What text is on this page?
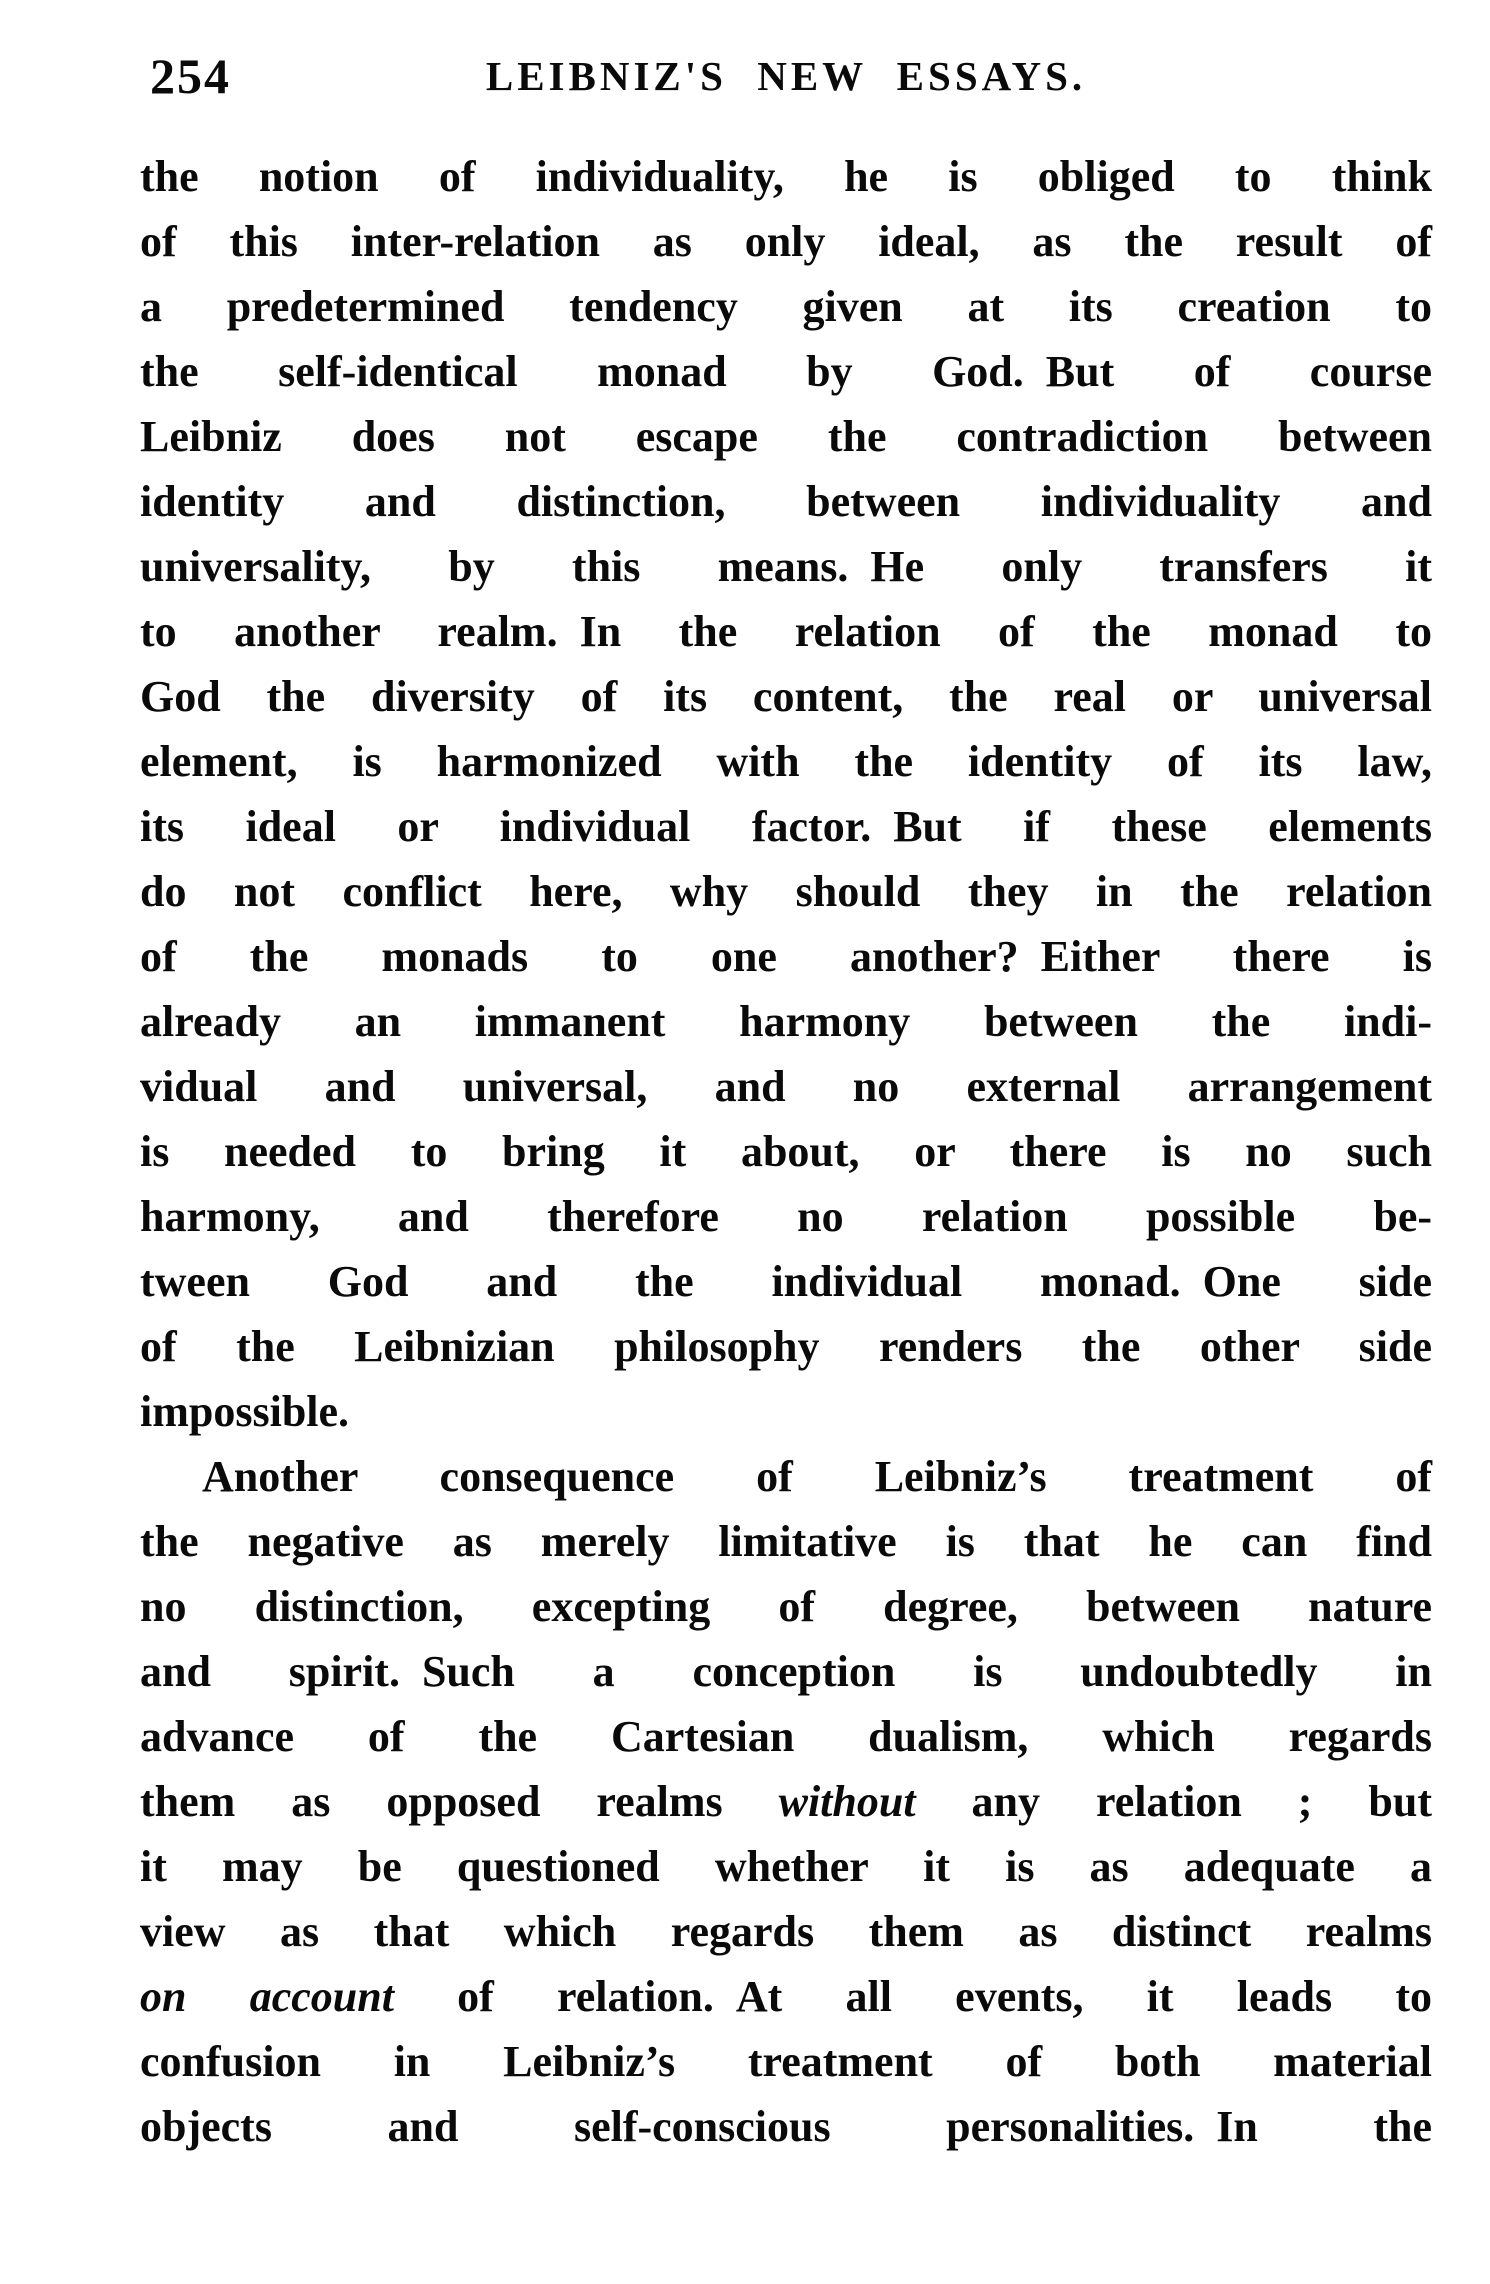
254	LEIBNIZ'S NEW ESSAYS.
the notion of individuality, he is obliged to think
of this inter-relation as only ideal, as the result of
a predetermined tendency given at its creation to
the self-identical monad by God. But of course
Leibniz does not escape the contradiction between
identity and distinction, between individuality and
universality, by this means. He only transfers it
to another realm. In the relation of the monad to
God the diversity of its content, the real or universal
element, is harmonized with the identity of its law,
its ideal or individual factor. But if these elements
do not conflict here, why should they in the relation
of the monads to one another? Either there is
already an immanent harmony between the indi-
vidual and universal, and no external arrangement
is needed to bring it about, or there is no such
harmony, and therefore no relation possible be-
tween God and the individual monad. One side
of the Leibnizian philosophy renders the other side
impossible.
Another consequence of Leibniz’s treatment of
the negative as merely limitative is that he can find
no distinction, excepting of degree, between nature
and spirit. Such a conception is undoubtedly in
advance of the Cartesian dualism, which regards
them as opposed realms without any relation ; but
it may be questioned whether it is as adequate a
view as that which regards them as distinct realms
on account of relation. At all events, it leads to
confusion in Leibniz’s treatment of both material
objects and self-conscious personalities. In the
